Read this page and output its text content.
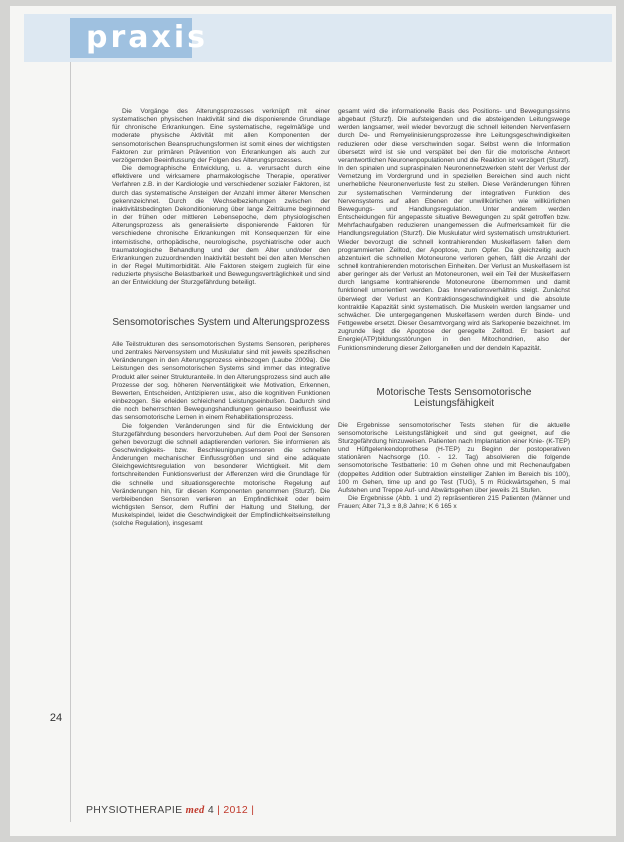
praxis
24

Die Vorgänge des Alterungsprozesses verknüpft mit einer systematischen physischen Inaktivität sind die disponierende Grundlage für chronische Erkrankungen. Eine systematische, regelmäßige und moderate physische Aktivität mit allen Komponenten der sensomotorischen Beanspruchungsformen ist somit eines der wichtigsten Faktoren zur primären Prävention von Erkrankungen als auch zur verzögernden Beeinflussung der Folgen des Alterungsprozesses.

Die demographische Entwicklung, u. a. verursacht durch eine effektivere und wirksamere pharmakologische Therapie, operativer Verfahren z.B. in der Kardiologie und verschiedener sozialer Faktoren, ist durch das systematische Ansteigen der Anzahl immer älterer Menschen gekennzeichnet. Durch die Wechselbeziehungen zwischen der inaktivitätsbedingten Dekonditionierung über lange Zeiträume beginnend in der frühen oder mittleren Lebensepoche, dem physiologischen Alterungsprozess als generalisierte disponierende Faktoren für verschiedene chronische Erkrankungen mit Konsequenzen für eine internistische, orthopädische, neurologische, psychiatrische oder auch traumatologische Behandlung und der dem Alter und/oder den Erkrankungen zuzuordnenden Inaktivität besteht bei den alten Menschen in der Regel Multimorbidität. Alle Faktoren steigern zugleich für eine reduzierte physische Belastbarkeit und Bewegungsverträglichkeit und sind an der Entwicklung der Sturzgefährdung beteiligt.

Sensomotorisches System und Alterungsprozess

Alle Teilstrukturen des sensomotorischen Systems Sensoren, peripheres und zentrales Nervensystem und Muskulatur sind mit jeweils spezifischen Veränderungen in den Alterungsprozess einbezogen (Laube 2009a). Die Leistungen des sensomotorischen Systems sind immer das integrative Produkt aller seiner Strukturanteile. In den Alterungsprozess sind auch alle Prozesse der sog. höheren Nerventätigkeit wie Motivation, Erkennen, Bewerten, Entscheiden, Antizipieren usw., also die kognitiven Funktionen einbezogen. Sie erleiden schleichend Leistungseinbußen. Dadurch sind die noch beherrschten Bewegungshandlungen genauso beeinflusst wie das sensomotorische Lernen in einem Rehabilitationsprozess.

Die folgenden Veränderungen sind für die Entwicklung der Sturzgefährdung besonders hervorzuheben. Auf dem Pool der Sensoren gehen bevorzugt die schnell adaptierenden verloren. Sie informieren als Geschwindigkeits- bzw. Beschleunigungssensoren die schnellen Änderungen mechanischer Einflussgrößen und sind eine adäquate Gleichgewichtsregulation von besonderer Wichtigkeit. Mit dem fortschreitenden Funktionsverlust der Afferenzen wird die Grundlage für die schnelle und situationsgerechte motorische Regelung auf Veränderungen hin, für diesen Komponenten genommen (Sturzf). Die verbleibenden Sensoren verlieren an Empfindlichkeit oder beim wichtigsten Sensor, dem Ruffini der Haltung und Stellung, der Muskelspindel, leidet die Geschwindigkeit der Empfindlichkeitseinstellung (solche Regulation), insgesamt

gesamt wird die informationelle Basis des Positions- und Bewegungssinns abgebaut (Sturzf). Die aufsteigenden und die absteigenden Leitungswege werden langsamer, weil wieder bevorzugt die schnell leitenden Nervenfasern durch De- und Remyelinisierungsprozesse ihre Leitungsgeschwindigkeiten reduzieren oder diese verschwinden sogar. Selbst wenn die Information übersetzt wird ist sie und verspätet bei den für die motorische Antwort verantwortlichen Neuronenpopulationen und die Reaktion ist verzögert (Sturzf). In den spinalen und supraspinalen Neuronennetzwerken steht der Verlust der Vernetzung im Vordergrund und in speziellen Bereichen sind auch nicht unerhebliche Neuronenverluste fest zu stellen. Diese Veränderungen führen zur systematischen Verminderung der integrativen Funktion des Nervensystems auf allen Ebenen der unwillkürlichen wie willkürlichen Bewegungs- und Handlungsregulation. Unter anderem werden Entscheidungen für angepasste situative Bewegungen zu spät getroffen bzw. Mehrfachaufgaben reduzieren unangemessen die Aufmerksamkeit für die Handlungsregulation (Sturzf). Die Muskulatur wird systematisch umstrukturiert. Wieder bevorzugt die schnell kontrahierenden Muskelfasern fallen dem programmierten Zelltod, der Apoptose, zum Opfer. Da gleichzeitig auch abzentuiert die schnellen Motoneurone verloren gehen, fällt die Anzahl der schnell kontrahierenden motorischen Einheiten. Der Verlust an Muskelfasern ist aber geringer als der Verlust an Motoneuronen, weil ein Teil der Muskelfasern durch langsame kontrahierende Motoneurone übernommen und damit funktionell umorientiert werden. Das Innervationsverhältnis steigt. Zunächst überwiegt der Verlust an Kontraktionsgeschwindigkeit und die absolute kontraktile Kapazität sinkt systematisch. Die Muskeln werden langsamer und schwächer. Die untergegangenen Muskelfasern werden durch Binde- und Fettgewebe ersetzt. Dieser Gesamtvorgang wird als Sarkopenie bezeichnet. Im zugrunde liegt die Apoptose der geregelte Zelltod. Er basiert auf Energie(ATP)bildungsstörungen in den Mitochondrien, also der Funktionsminderung dieser Zellorganellen und der dendeln Kapazität.

Motorische Tests Sensomotorische Leistungsfähigkeit

Die Ergebnisse sensomotorischer Tests stehen für die aktuelle sensomotorische Leistungsfähigkeit und sind gut geeignet, auf die Sturzgefährdung hinzuweisen. Patienten nach Implantation einer Knie- (K-TEP) und Hüftgelenkendoprothese (H-TEP) zu Beginn der postoperativen stationären Nachsorge (10. - 12. Tag) absolvieren die folgende sensomotorische Testbatterie: 10 m Gehen ohne und mit Rechenaufgaben (doppeltes Addition oder Subtraktion einstelliger Zahlen im Bereich bis 100), 100 m Gehen, time up and go Test (TUG), 5 m Rückwärtsgehen, 5 mal Aufstehen und Treppe Auf- und Abwärtsgehen über jeweils 21 Stufen.

Die Ergebnisse (Abb. 1 und 2) repräsentieren 215 Patienten (Männer und Frauen; Alter 71,3 ± 8,8 Jahre; K 6 165 x

PHYSIOTHERAPIE med 4 | 2012 |
